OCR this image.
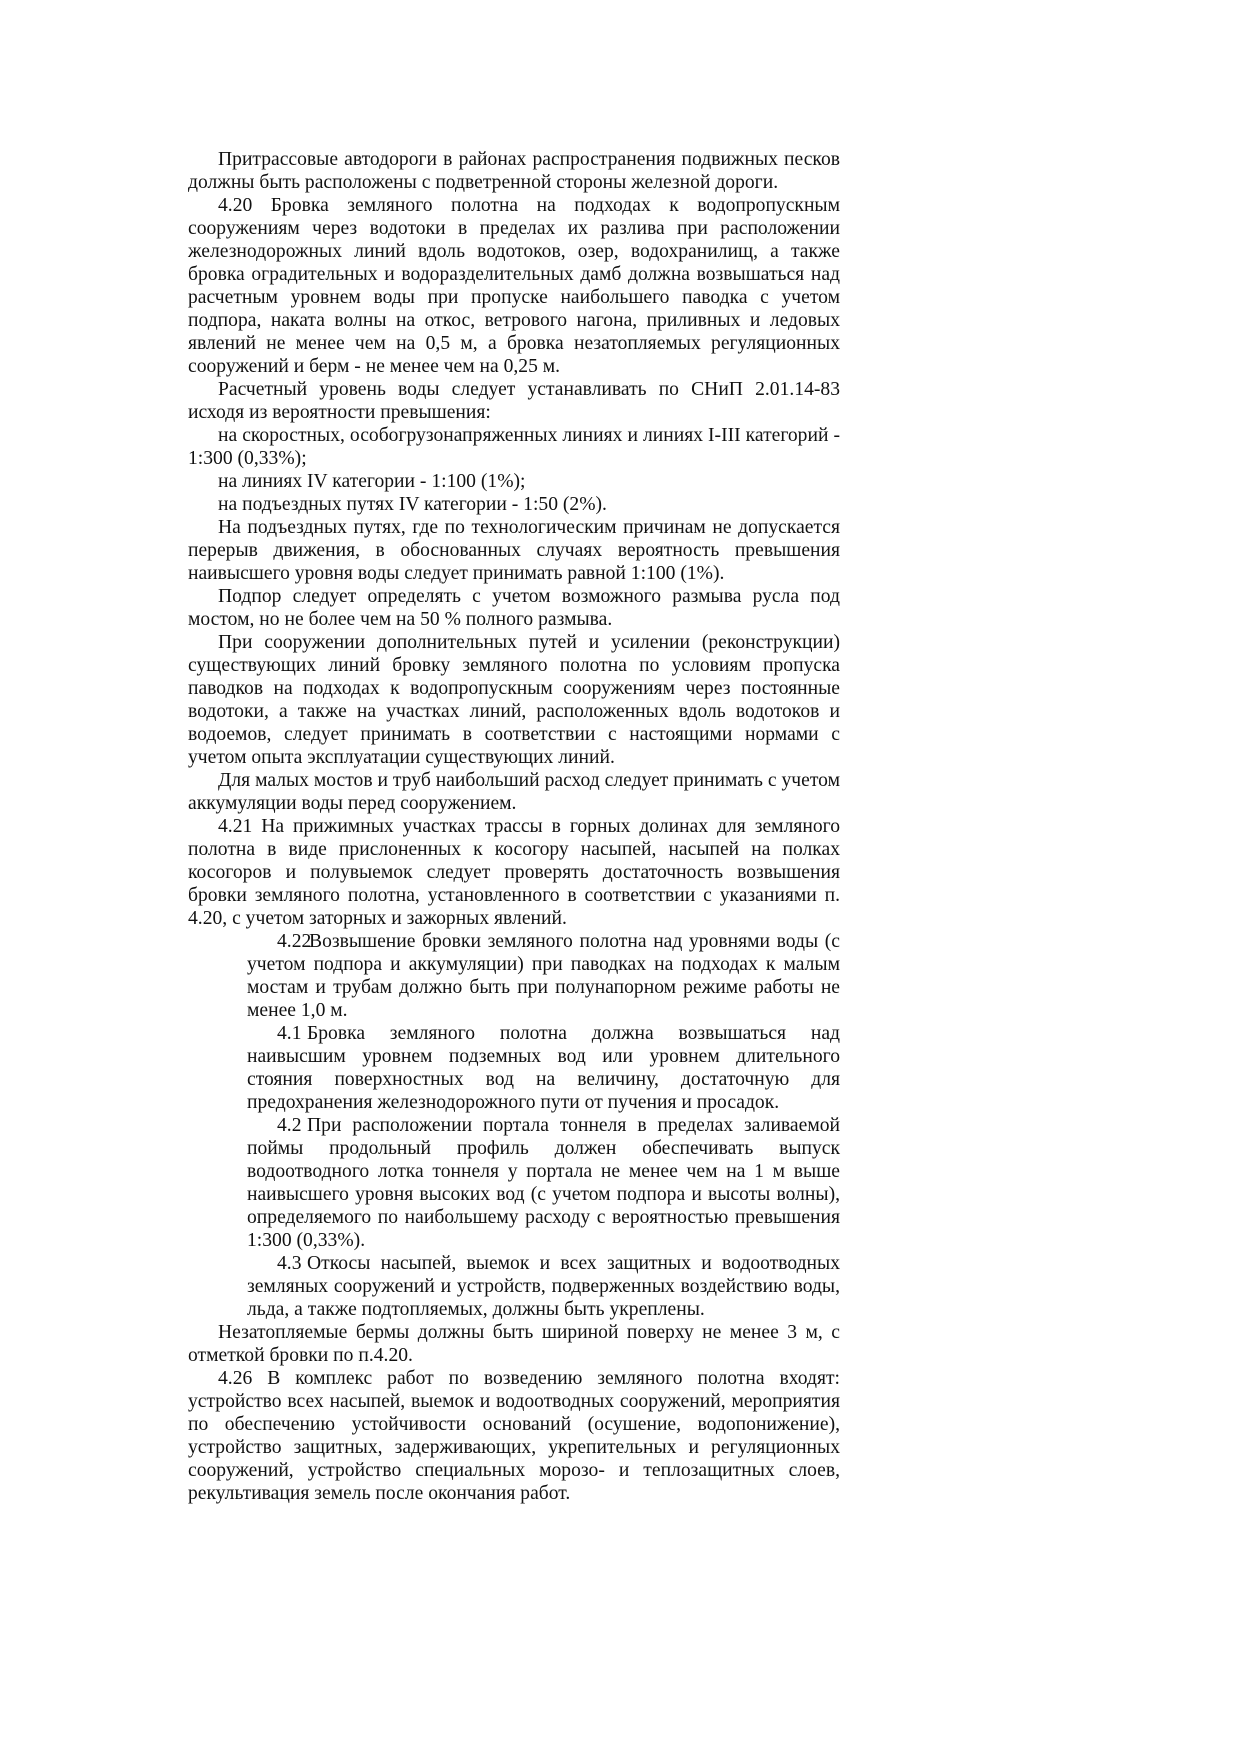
Притрассовые автодороги в районах распространения подвижных песков должны быть расположены с подветренной стороны железной дороги.

4.20 Бровка земляного полотна на подходах к водопропускным сооружениям через водотоки в пределах их разлива при расположении железнодорожных линий вдоль водотоков, озер, водохранилищ, а также бровка оградительных и водоразделительных дамб должна возвышаться над расчетным уровнем воды при пропуске наибольшего паводка с учетом подпора, наката волны на откос, ветрового нагона, приливных и ледовых явлений не менее чем на 0,5 м, а бровка незатопляемых регуляционных сооружений и берм - не менее чем на 0,25 м.

Расчетный уровень воды следует устанавливать по СНиП 2.01.14-83 исходя из вероятности превышения:

на скоростных, особогрузонапряженных линиях и линиях I-III категорий - 1:300 (0,33%);

на линиях IV категории - 1:100 (1%);

на подъездных путях IV категории - 1:50 (2%).

На подъездных путях, где по технологическим причинам не допускается перерыв движения, в обоснованных случаях вероятность превышения наивысшего уровня воды следует принимать равной 1:100 (1%).

Подпор следует определять с учетом возможного размыва русла под мостом, но не более чем на 50 % полного размыва.

При сооружении дополнительных путей и усилении (реконструкции) существующих линий бровку земляного полотна по условиям пропуска паводков на подходах к водопропускным сооружениям через постоянные водотоки, а также на участках линий, расположенных вдоль водотоков и водоемов, следует принимать в соответствии с настоящими нормами с учетом опыта эксплуатации существующих линий.

Для малых мостов и труб наибольший расход следует принимать с учетом аккумуляции воды перед сооружением.

4.21 На прижимных участках трассы в горных долинах для земляного полотна в виде прислоненных к косогору насыпей, насыпей на полках косогоров и полувыемок следует проверять достаточность возвышения бровки земляного полотна, установленного в соответствии с указаниями п. 4.20, с учетом заторных и зажорных явлений.

4.22Возвышение бровки земляного полотна над уровнями воды (с учетом подпора и аккумуляции) при паводках на подходах к малым мостам и трубам должно быть при полунапорном режиме работы не менее 1,0 м.

4.1 Бровка земляного полотна должна возвышаться над наивысшим уровнем подземных вод или уровнем длительного стояния поверхностных вод на величину, достаточную для предохранения железнодорожного пути от пучения и просадок.

4.2 При расположении портала тоннеля в пределах заливаемой поймы продольный профиль должен обеспечивать выпуск водоотводного лотка тоннеля у портала не менее чем на 1 м выше наивысшего уровня высоких вод (с учетом подпора и высоты волны), определяемого по наибольшему расходу с вероятностью превышения 1:300 (0,33%).

4.3 Откосы насыпей, выемок и всех защитных и водоотводных земляных сооружений и устройств, подверженных воздействию воды, льда, а также подтопляемых, должны быть укреплены.

Незатопляемые бермы должны быть шириной поверху не менее 3 м, с отметкой бровки по п.4.20.

4.26 В комплекс работ по возведению земляного полотна входят: устройство всех насыпей, выемок и водоотводных сооружений, мероприятия по обеспечению устойчивости оснований (осушение, водопонижение), устройство защитных, задерживающих, укрепительных и регуляционных сооружений, устройство специальных морозо- и теплозащитных слоев, рекультивация земель после окончания работ.
